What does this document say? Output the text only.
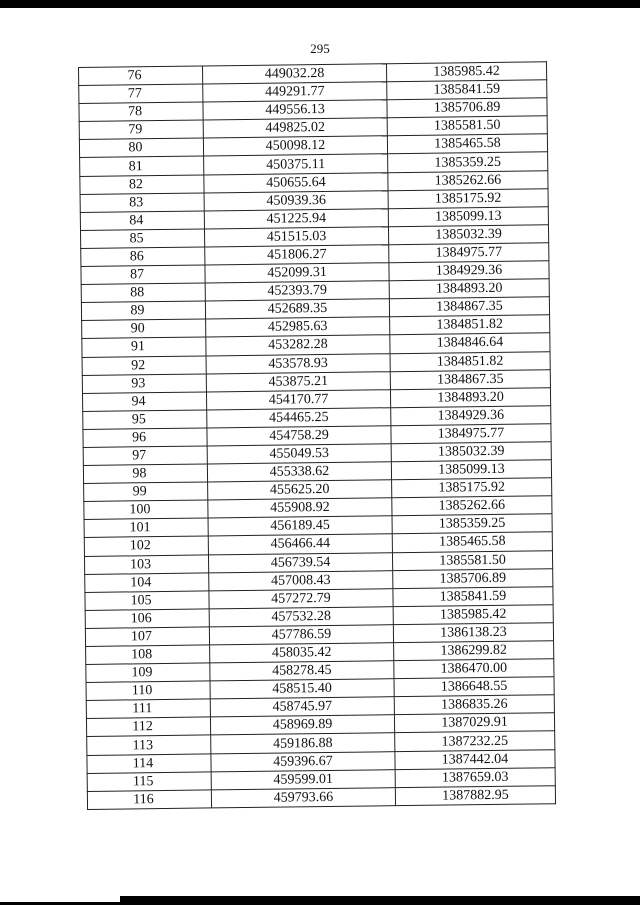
295
76	449032.28	1385985.42
77	449291.77	1385841.59
78	449556.13	1385706.89
79	449825.02	1385581.50
80	450098.12	1385465.58
81	450375.11	1385359.25
82	450655.64	1385262.66
83	450939.36	1385175.92
84	451225.94	1385099.13
85	451515.03	1385032.39
86	451806.27	1384975.77
87	452099.31	1384929.36
88	452393.79	1384893.20
89	452689.35	1384867.35
90	452985.63	1384851.82
91	453282.28	1384846.64
92	453578.93	1384851.82
93	453875.21	1384867.35
94	454170.77	1384893.20
95	454465.25	1384929.36
96	454758.29	1384975.77
97	455049.53	1385032.39
98	455338.62	1385099.13
99	455625.20	1385175.92
100	455908.92	1385262.66
101	456189.45	1385359.25
102	456466.44	1385465.58
103	456739.54	1385581.50
104	457008.43	1385706.89
105	457272.79	1385841.59
106	457532.28	1385985.42
107	457786.59	1386138.23
108	458035.42	1386299.82
109	458278.45	1386470.00
110	458515.40	1386648.55
111	458745.97	1386835.26
112	458969.89	1387029.91
113	459186.88	1387232.25
114	459396.67	1387442.04
115	459599.01	1387659.03
116	459793.66	1387882.95
